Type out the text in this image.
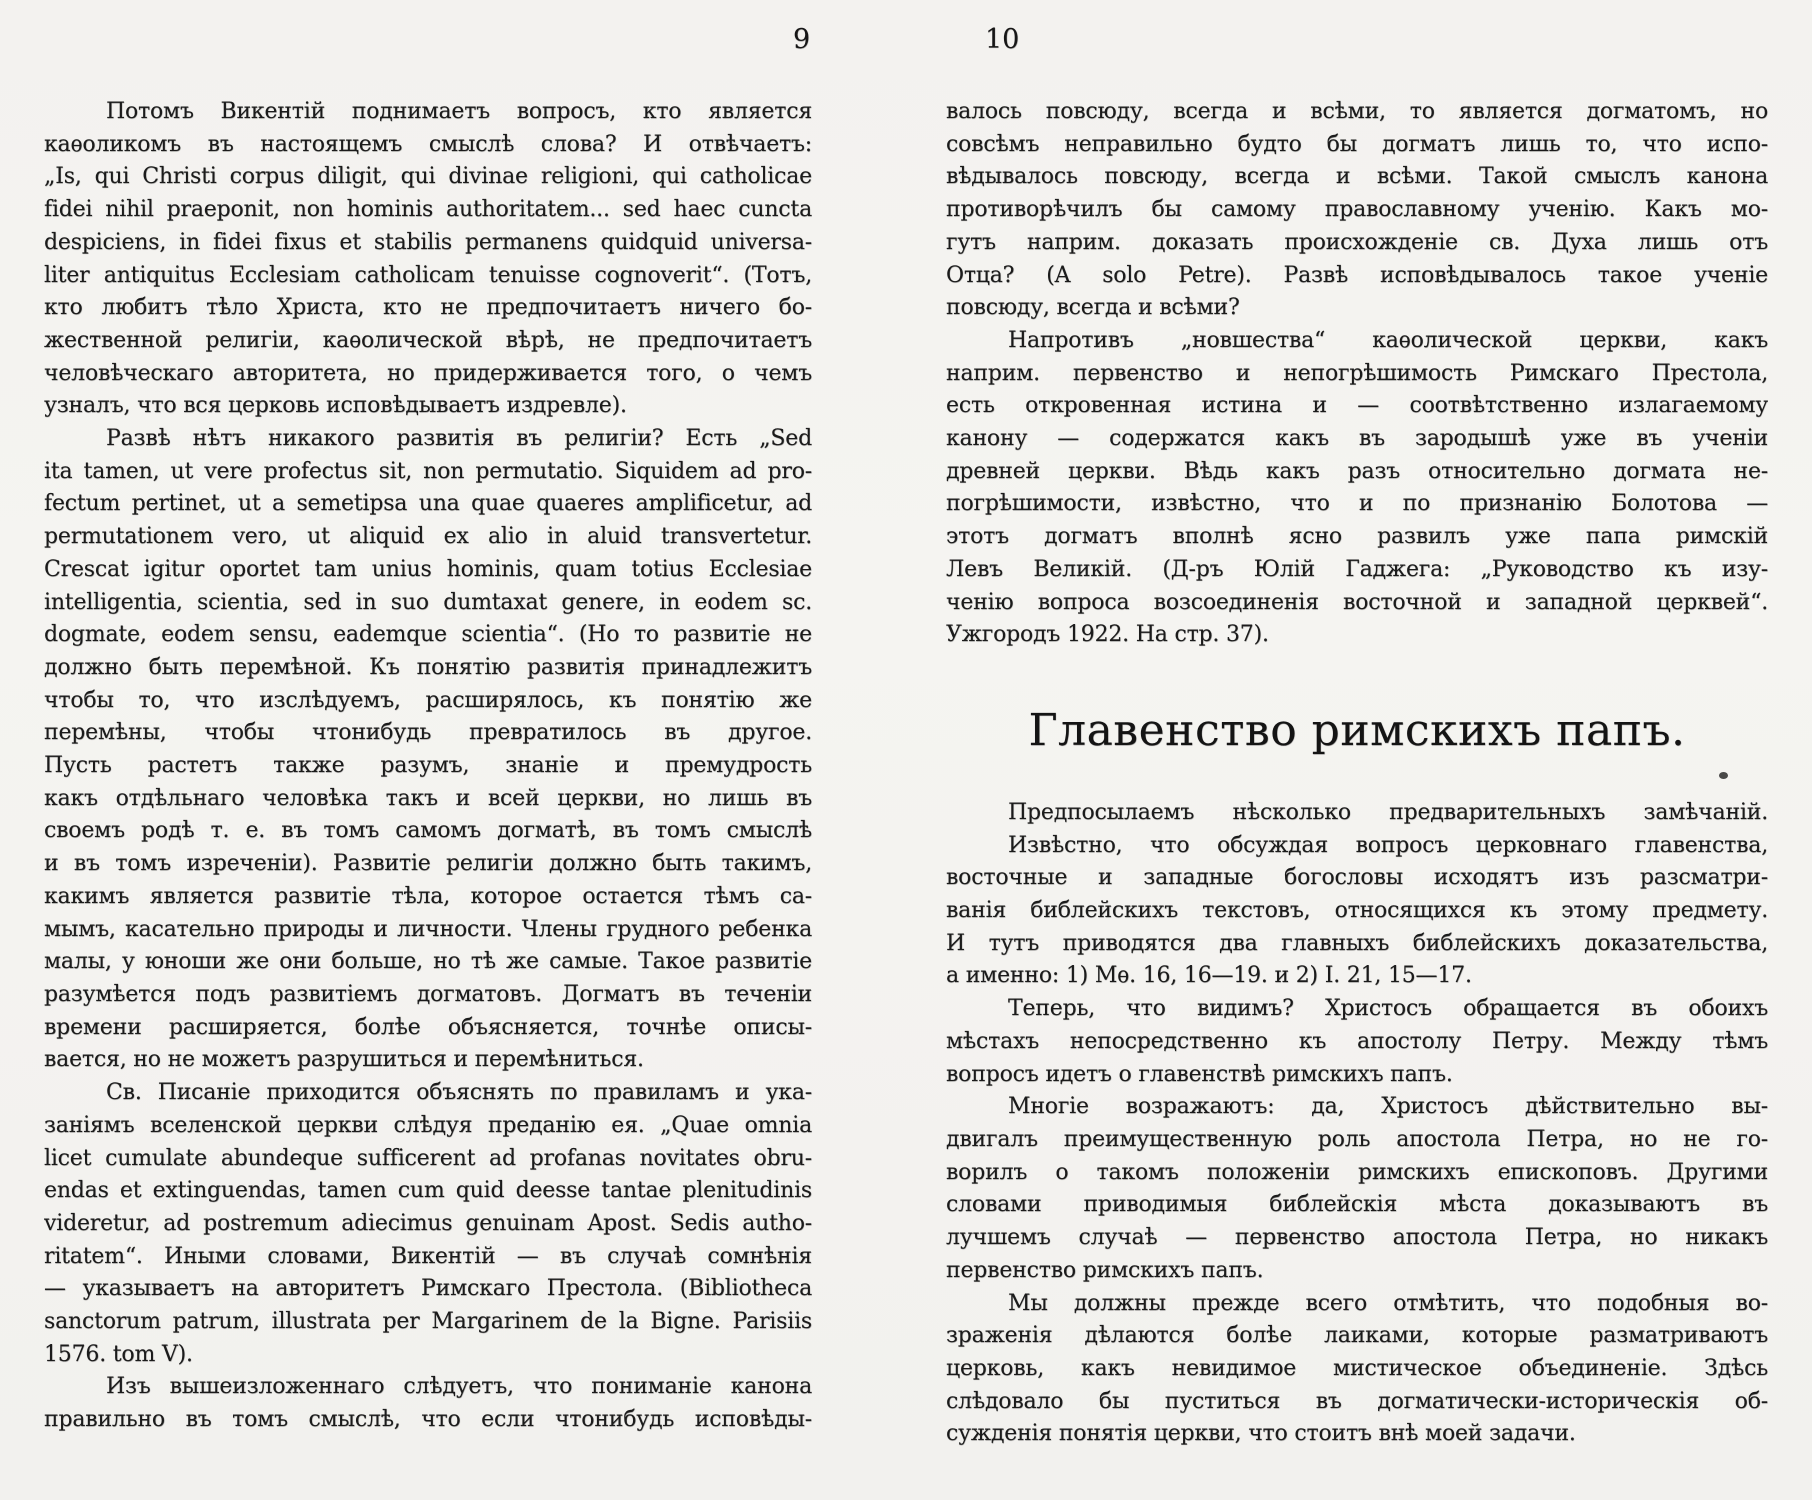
9	10
Потомъ Викентій поднимаетъ вопросъ, кто является
каѳоликомъ въ настоящемъ смыслѣ слова? И отвѣчаетъ:
„Is, qui Christi corpus diligit, qui divinae religioni, qui catholicae
fidei nihil praeponit, non hominis authoritatem... sed haec cuncta
despiciens, in fidei fixus et stabilis permanens quidquid universa-
liter antiquitus Ecclesiam catholicam tenuisse cognoverit“. (Тотъ,
кто любитъ тѣло Христа, кто не предпочитаетъ ничего бо-
жественной религіи, каѳолической вѣрѣ, не предпочитаетъ
человѣческаго авторитета, но придерживается того, о чемъ
узналъ, что вся церковь исповѣдываетъ издревле).
Развѣ нѣтъ никакого развитія въ религіи? Есть „Sed
ita tamen, ut vere profectus sit, non permutatio. Siquidem ad pro-
fectum pertinet, ut a semetipsa una quae quaeres amplificetur, ad
permutationem vero, ut aliquid ex alio in aluid transvertetur.
Crescat igitur oportet tam unius hominis, quam totius Ecclesiae
intelligentia, scientia, sed in suo dumtaxat genere, in eodem sc.
dogmate, eodem sensu, eademque scientia“. (Но то развитіе не
должно быть перемѣной. Къ понятію развитія принадлежитъ
чтобы то, что изслѣдуемъ, расширялось, къ понятію же
перемѣны, чтобы чтонибудь превратилось въ другое.
Пусть растетъ также разумъ, знаніе и премудрость
какъ отдѣльнаго человѣка такъ и всей церкви, но лишь въ
своемъ родѣ т. е. въ томъ самомъ догматѣ, въ томъ смыслѣ
и въ томъ изреченіи). Развитіе религіи должно быть такимъ,
какимъ является развитіе тѣла, которое остается тѣмъ са-
мымъ, касательно природы и личности. Члены грудного ребенка
малы, у юноши же они больше, но тѣ же самые. Такое развитіе
разумѣется подъ развитіемъ догматовъ. Догматъ въ теченіи
времени расширяется, болѣе объясняется, точнѣе описы-
вается, но не можетъ разрушиться и перемѣниться.
Св. Писаніе приходится объяснять по правиламъ и ука-
заніямъ вселенской церкви слѣдуя преданію ея. „Quae omnia
licet cumulate abundeque sufficerent ad profanas novitates obru-
endas et extinguendas, tamen cum quid deesse tantae plenitudinis
videretur, ad postremum adiecimus genuinam Apost. Sedis autho-
ritatem“. Иными словами, Викентій — въ случаѣ сомнѣнія
— указываетъ на авторитетъ Римскаго Престола. (Bibliotheca
sanctorum patrum, illustrata per Margarinem de la Bigne. Parisiis
1576. tom V).
Изъ вышеизложеннаго слѣдуетъ, что пониманіе канона
правильно въ томъ смыслѣ, что если чтонибудь исповѣды-
валось повсюду, всегда и всѣми, то является догматомъ, но
совсѣмъ неправильно будто бы догматъ лишь то, что испо-
вѣдывалось повсюду, всегда и всѣми. Такой смыслъ канона
противорѣчилъ бы самому православному ученію. Какъ мо-
гутъ наприм. доказать происхожденіе св. Духа лишь отъ
Отца? (A solo Petre). Развѣ исповѣдывалось такое ученіе
повсюду, всегда и всѣми?
Напротивъ „новшества“ каѳолической церкви, какъ
наприм. первенство и непогрѣшимость Римскаго Престола,
есть откровенная истина и — соотвѣтственно излагаемому
канону — содержатся какъ въ зародышѣ уже въ ученіи
древней церкви. Вѣдь какъ разъ относительно догмата не-
погрѣшимости, извѣстно, что и по признанію Болотова —
этотъ догматъ вполнѣ ясно развилъ уже папа римскій
Левъ Великій. (Д-ръ Юлій Гаджега: „Руководство къ изу-
ченію вопроса возсоединенія восточной и западной церквей“.
Ужгородъ 1922. На стр. 37).
Главенство римскихъ папъ.
Предпосылаемъ нѣсколько предварительныхъ замѣчаній.
Извѣстно, что обсуждая вопросъ церковнаго главенства,
восточные и западные богословы исходятъ изъ разсматри-
ванія библейскихъ текстовъ, относящихся къ этому предмету.
И тутъ приводятся два главныхъ библейскихъ доказательства,
а именно: 1) Мѳ. 16, 16—19. и 2) І. 21, 15—17.
Теперь, что видимъ? Христосъ обращается въ обоихъ
мѣстахъ непосредственно къ апостолу Петру. Между тѣмъ
вопросъ идетъ о главенствѣ римскихъ папъ.
Многіе возражаютъ: да, Христосъ дѣйствительно вы-
двигалъ преимущественную роль апостола Петра, но не го-
ворилъ о такомъ положеніи римскихъ епископовъ. Другими
словами приводимыя библейскія мѣста доказываютъ въ
лучшемъ случаѣ — первенство апостола Петра, но никакъ
первенство римскихъ папъ.
Мы должны прежде всего отмѣтить, что подобныя во-
зраженія дѣлаются болѣе лаиками, которые разматриваютъ
церковь, какъ невидимое мистическое объединеніе. Здѣсь
слѣдовало бы пуститься въ догматически-историческія об-
сужденія понятія церкви, что стоитъ внѣ моей задачи.
